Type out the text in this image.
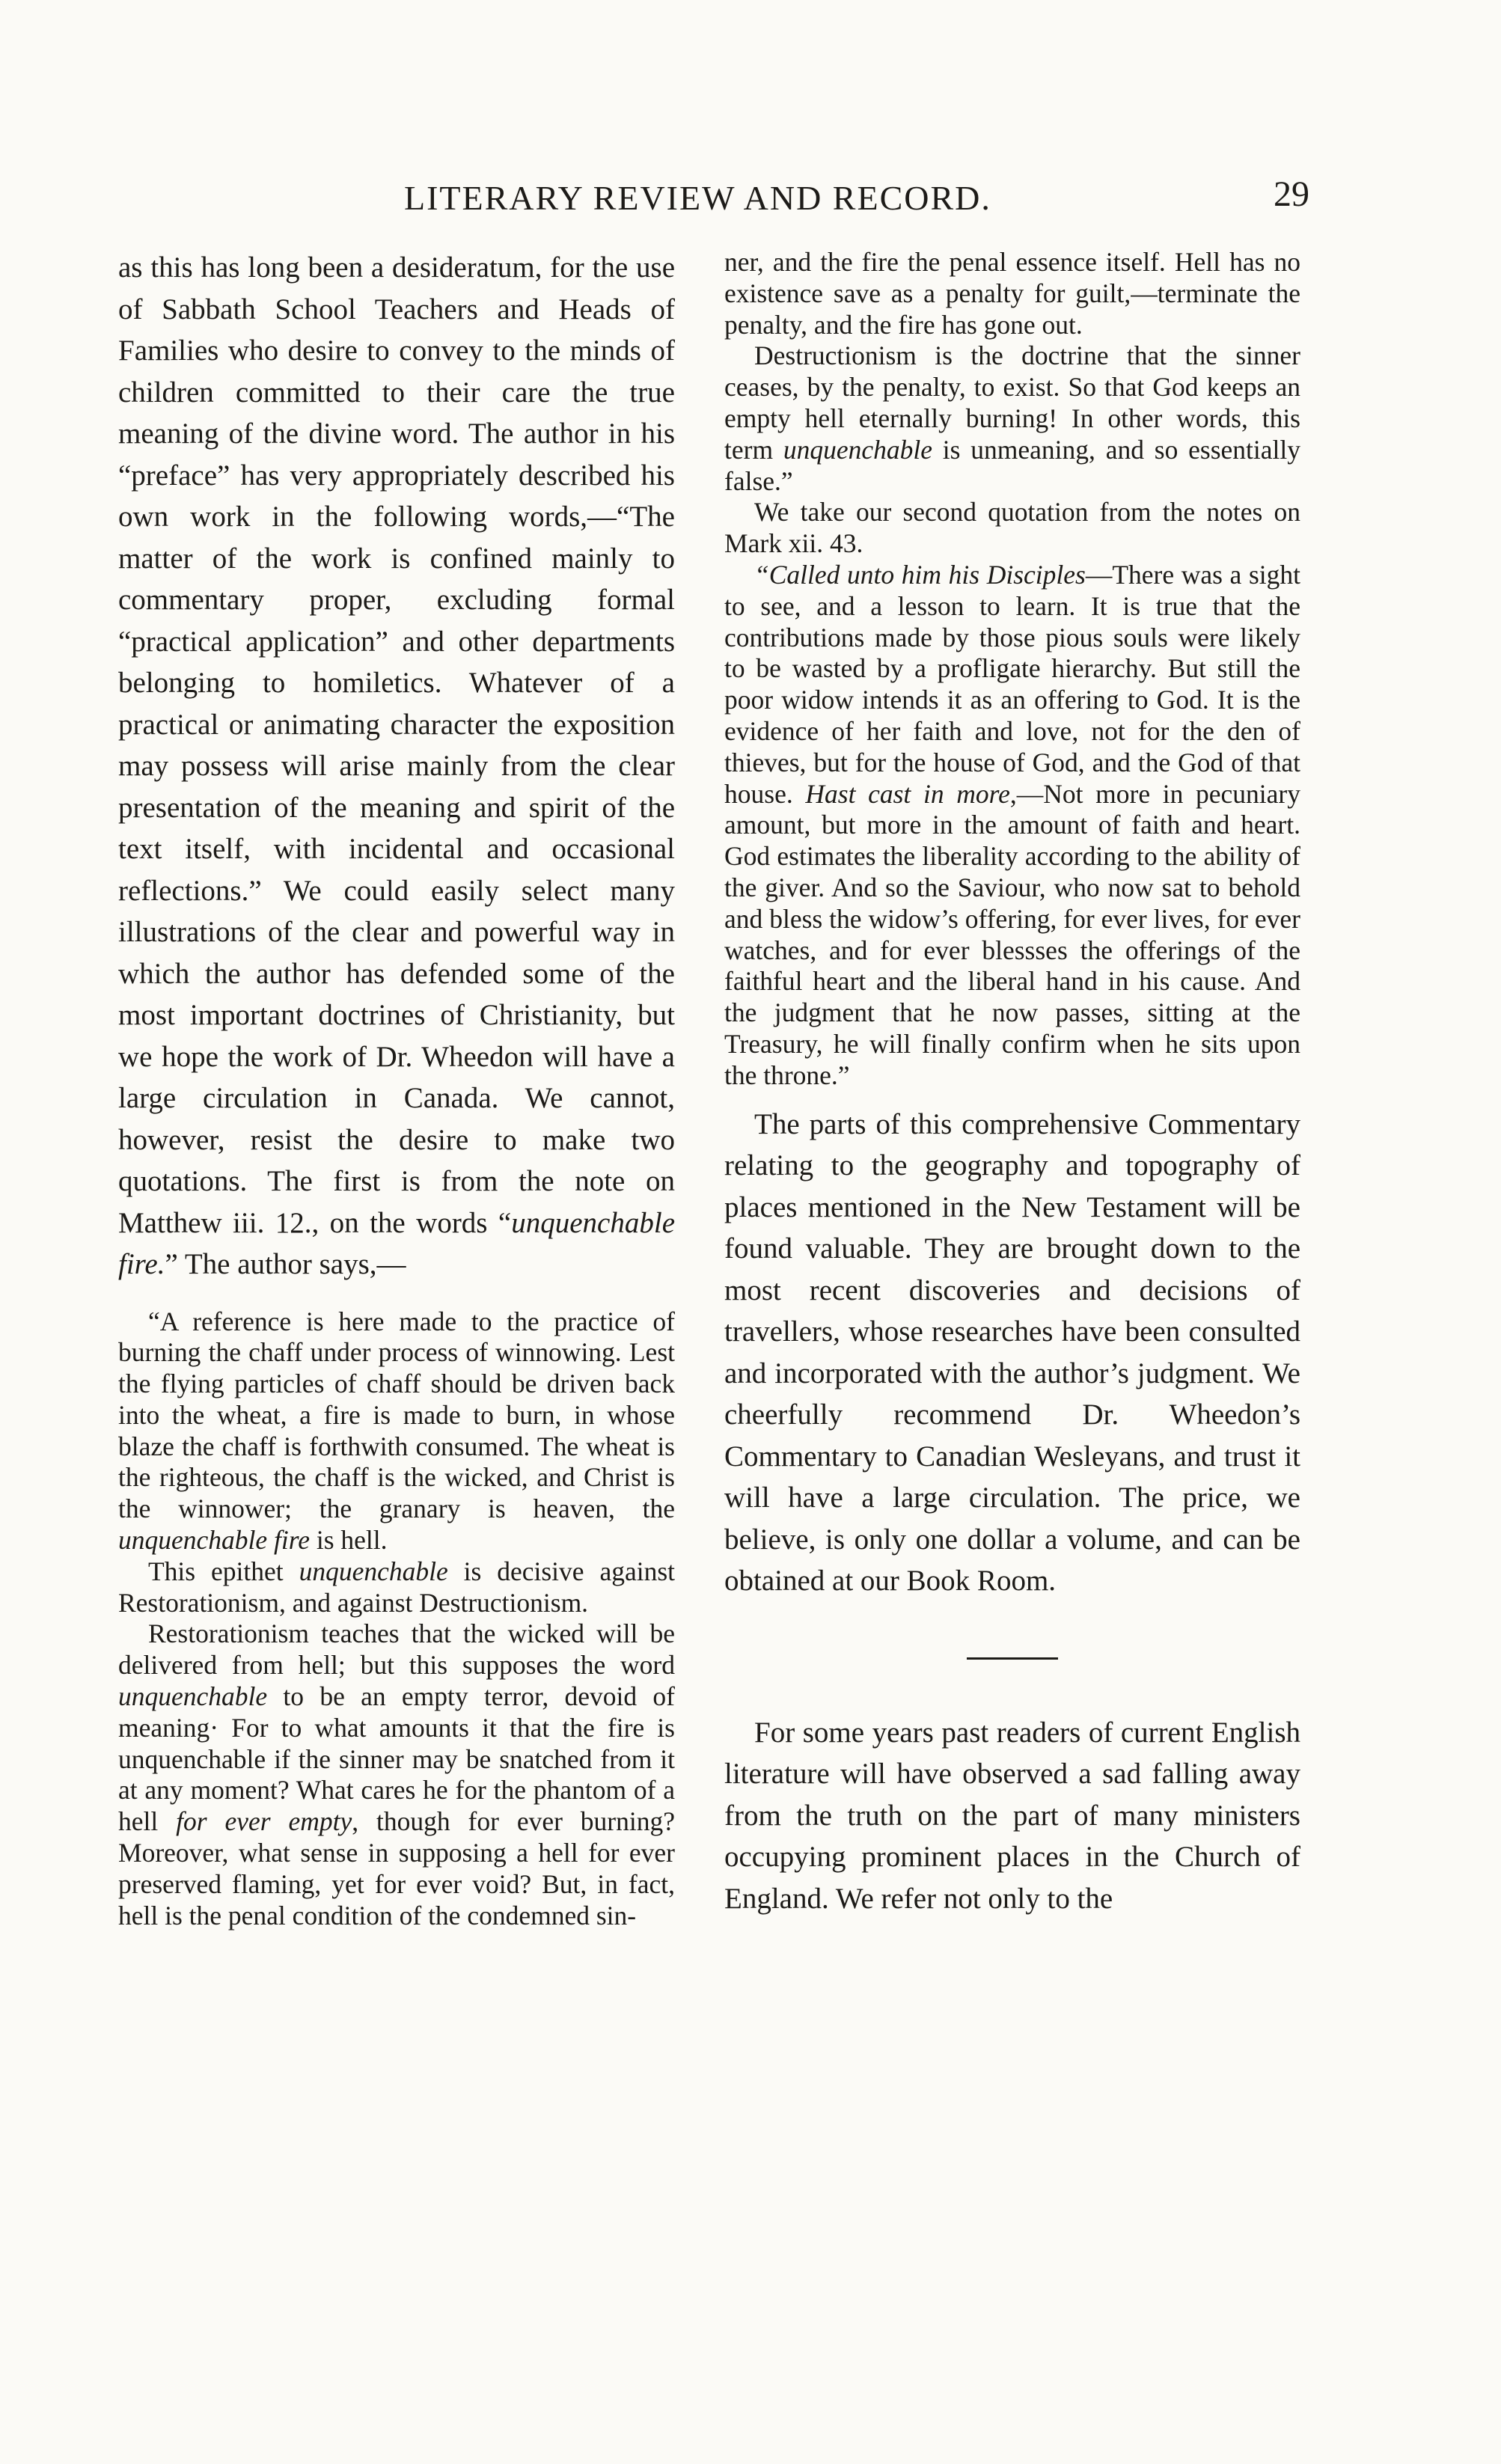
LITERARY REVIEW AND RECORD.	29

as this has long been a desideratum, for the use of Sabbath School Teachers and Heads of Families who desire to convey to the minds of children committed to their care the true meaning of the divine word. The author in his “preface” has very appropriately described his own work in the following words,—“The matter of the work is confined mainly to commentary proper, excluding formal “practical application” and other departments belonging to homiletics. Whatever of a practical or animating character the exposition may possess will arise mainly from the clear presentation of the meaning and spirit of the text itself, with incidental and occasional reflections.” We could easily select many illustrations of the clear and powerful way in which the author has defended some of the most important doctrines of Christianity, but we hope the work of Dr. Wheedon will have a large circulation in Canada. We cannot, however, resist the desire to make two quotations. The first is from the note on Matthew iii. 12., on the words “unquenchable fire.” The author says,—

“A reference is here made to the practice of burning the chaff under process of winnowing. Lest the flying particles of chaff should be driven back into the wheat, a fire is made to burn, in whose blaze the chaff is forthwith consumed. The wheat is the righteous, the chaff is the wicked, and Christ is the winnower; the granary is heaven, the unquenchable fire is hell.

This epithet unquenchable is decisive against Restorationism, and against Destructionism.

Restorationism teaches that the wicked will be delivered from hell; but this supposes the word unquenchable to be an empty terror, devoid of meaning· For to what amounts it that the fire is unquenchable if the sinner may be snatched from it at any moment? What cares he for the phantom of a hell for ever empty, though for ever burning? Moreover, what sense in supposing a hell for ever preserved flaming, yet for ever void? But, in fact, hell is the penal condition of the condemned sin-

ner, and the fire the penal essence itself. Hell has no existence save as a penalty for guilt,—terminate the penalty, and the fire has gone out.

Destructionism is the doctrine that the sinner ceases, by the penalty, to exist. So that God keeps an empty hell eternally burning! In other words, this term unquenchable is unmeaning, and so essentially false.”

We take our second quotation from the notes on Mark xii. 43.

“Called unto him his Disciples—There was a sight to see, and a lesson to learn. It is true that the contributions made by those pious souls were likely to be wasted by a profligate hierarchy. But still the poor widow intends it as an offering to God. It is the evidence of her faith and love, not for the den of thieves, but for the house of God, and the God of that house. Hast cast in more,—Not more in pecuniary amount, but more in the amount of faith and heart. God estimates the liberality according to the ability of the giver. And so the Saviour, who now sat to behold and bless the widow’s offering, for ever lives, for ever watches, and for ever blessses the offerings of the faithful heart and the liberal hand in his cause. And the judgment that he now passes, sitting at the Treasury, he will finally confirm when he sits upon the throne.”

The parts of this comprehensive Commentary relating to the geography and topography of places mentioned in the New Testament will be found valuable. They are brought down to the most recent discoveries and decisions of travellers, whose researches have been consulted and incorporated with the author’s judgment. We cheerfully recommend Dr. Wheedon’s Commentary to Canadian Wesleyans, and trust it will have a large circulation. The price, we believe, is only one dollar a volume, and can be obtained at our Book Room.

For some years past readers of current English literature will have observed a sad falling away from the truth on the part of many ministers occupying prominent places in the Church of England. We refer not only to the
